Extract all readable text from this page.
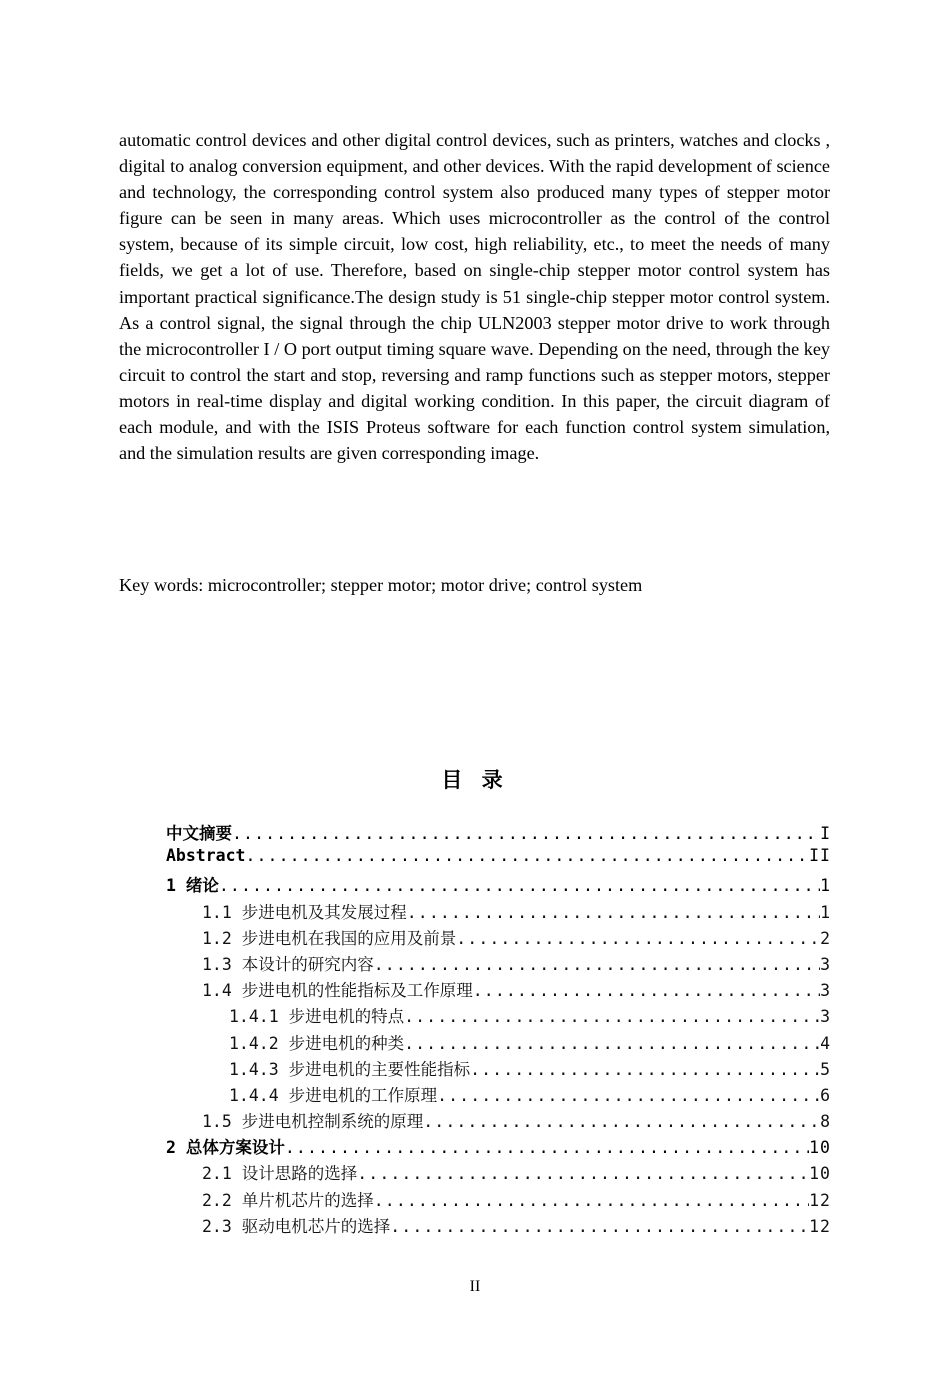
automatic control devices and other digital control devices, such as printers, watches and clocks , digital to analog conversion equipment, and other devices. With the rapid development of science and technology, the corresponding control system also produced many types of stepper motor figure can be seen in many areas. Which uses microcontroller as the control of the control system, because of its simple circuit, low cost, high reliability, etc., to meet the needs of many fields, we get a lot of use. Therefore, based on single-chip stepper motor control system has important practical significance.The design study is 51 single-chip stepper motor control system. As a control signal, the signal through the chip ULN2003 stepper motor drive to work through the microcontroller I / O port output timing square wave. Depending on the need, through the key circuit to control the start and stop, reversing and ramp functions such as stepper motors, stepper motors in real-time display and digital working condition. In this paper, the circuit diagram of each module, and with the ISIS Proteus software for each function control system simulation, and the simulation results are given corresponding image.

Key words: microcontroller; stepper motor; motor drive; control system

目 录
中文摘要 .....	I
Abstract .....	II
1 绪论 .....	1
1.1 步进电机及其发展过程 .....	1
1.2 步进电机在我国的应用及前景 .....	2
1.3 本设计的研究内容 .....	3
1.4 步进电机的性能指标及工作原理 .....	3
1.4.1 步进电机的特点 .....	3
1.4.2 步进电机的种类 .....	4
1.4.3 步进电机的主要性能指标 .....	5
1.4.4 步进电机的工作原理 .....	6
1.5 步进电机控制系统的原理 .....	8
2 总体方案设计 .....	10
2.1 设计思路的选择 .....	10
2.2 单片机芯片的选择 .....	12
2.3 驱动电机芯片的选择 .....	12
II
